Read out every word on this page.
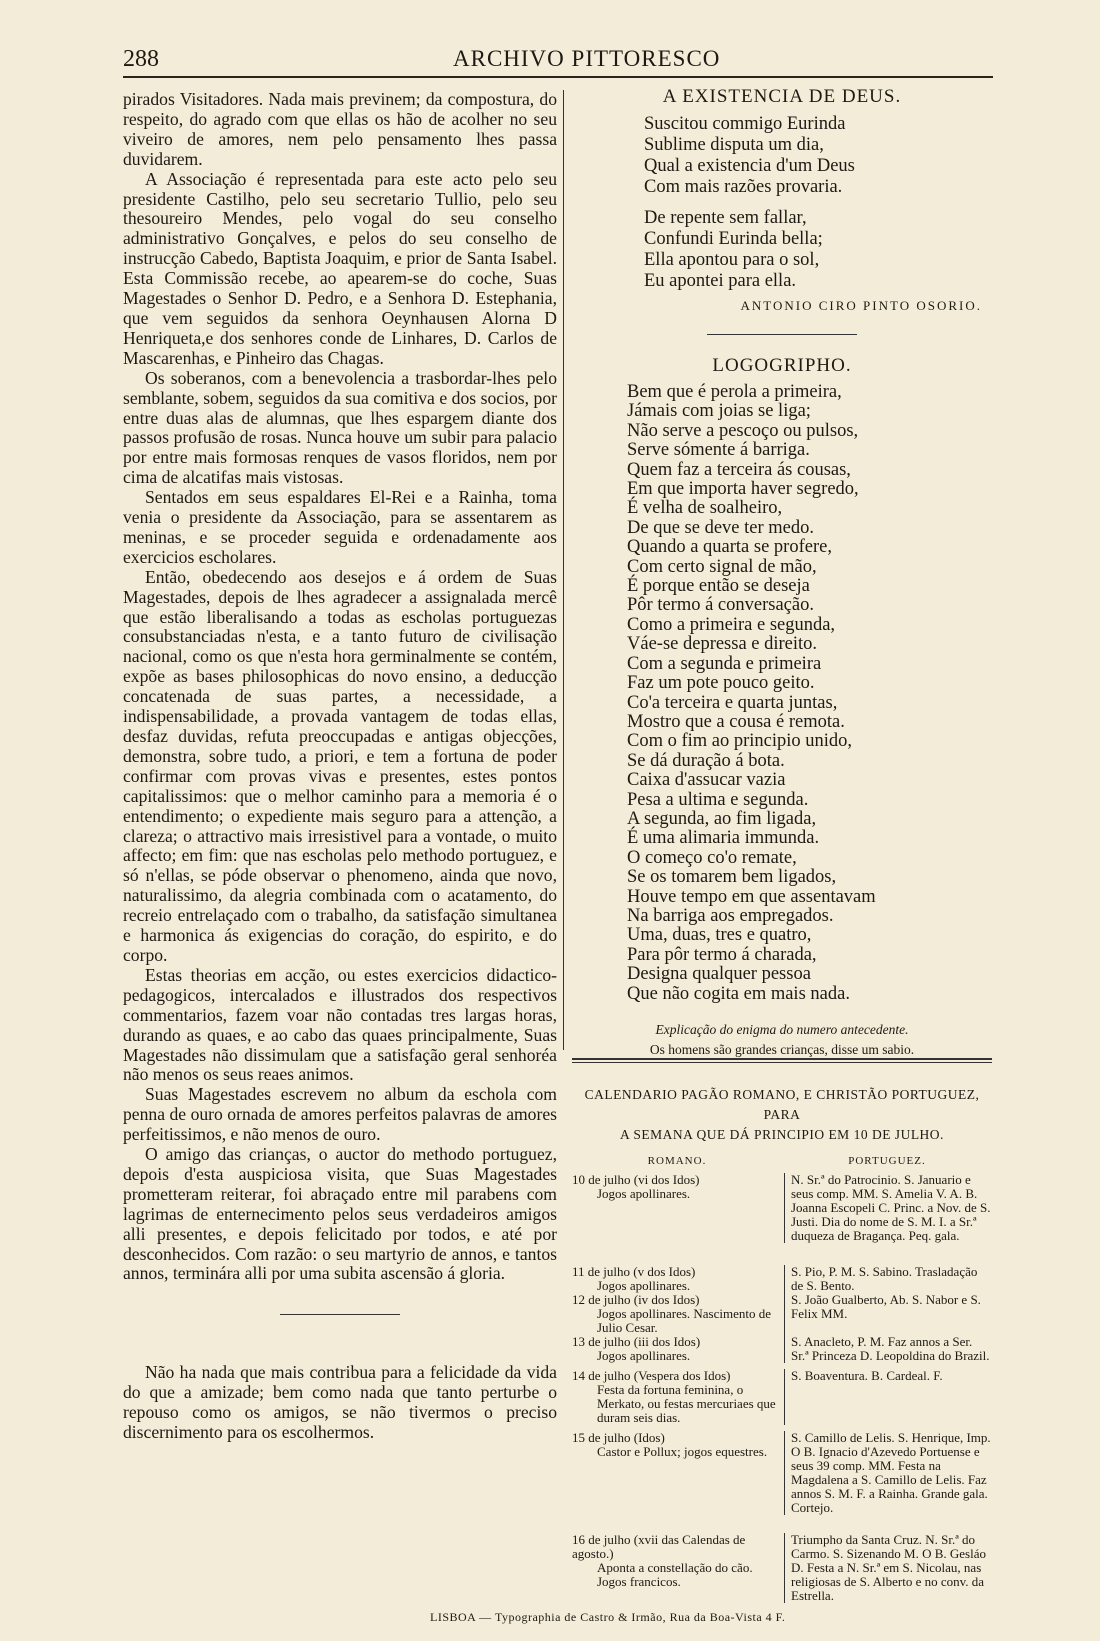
288	ARCHIVO PITTORESCO

pirados Visitadores. Nada mais previnem; da compostura, do respeito, do agrado com que ellas os hão de acolher no seu viveiro de amores, nem pelo pensamento lhes passa duvidarem.

A Associação é representada para este acto pelo seu presidente Castilho, pelo seu secretario Tullio, pelo seu thesoureiro Mendes, pelo vogal do seu conselho administrativo Gonçalves, e pelos do seu conselho de instrucção Cabedo, Baptista Joaquim, e prior de Santa Isabel. Esta Commissão recebe, ao apearem-se do coche, Suas Magestades o Senhor D. Pedro, e a Senhora D. Estephania, que vem seguidos da senhora Oeynhausen Alorna D Henriqueta,e dos senhores conde de Linhares, D. Carlos de Mascarenhas, e Pinheiro das Chagas.

Os soberanos, com a benevolencia a trasbordar-lhes pelo semblante, sobem, seguidos da sua comitiva e dos socios, por entre duas alas de alumnas, que lhes espargem diante dos passos profusão de rosas. Nunca houve um subir para palacio por entre mais formosas renques de vasos floridos, nem por cima de alcatifas mais vistosas.

Sentados em seus espaldares El-Rei e a Rainha, toma venia o presidente da Associação, para se assentarem as meninas, e se proceder seguida e ordenadamente aos exercicios escholares.

Então, obedecendo aos desejos e á ordem de Suas Magestades, depois de lhes agradecer a assignalada mercê que estão liberalisando a todas as escholas portuguezas consubstanciadas n'esta, e a tanto futuro de civilisação nacional, como os que n'esta hora germinalmente se contém, expõe as bases philosophicas do novo ensino, a deducção concatenada de suas partes, a necessidade, a indispensabilidade, a provada vantagem de todas ellas, desfaz duvidas, refuta preoccupadas e antigas objecções, demonstra, sobre tudo, a priori, e tem a fortuna de poder confirmar com provas vivas e presentes, estes pontos capitalissimos: que o melhor caminho para a memoria é o entendimento; o expediente mais seguro para a attenção, a clareza; o attractivo mais irresistivel para a vontade, o muito affecto; em fim: que nas escholas pelo methodo portuguez, e só n'ellas, se póde observar o phenomeno, ainda que novo, naturalissimo, da alegria combinada com o acatamento, do recreio entrelaçado com o trabalho, da satisfação simultanea e harmonica ás exigencias do coração, do espirito, e do corpo.

Estas theorias em acção, ou estes exercicios didactico-pedagogicos, intercalados e illustrados dos respectivos commentarios, fazem voar não contadas tres largas horas, durando as quaes, e ao cabo das quaes principalmente, Suas Magestades não dissimulam que a satisfação geral senhoréa não menos os seus reaes animos.

Suas Magestades escrevem no album da eschola com penna de ouro ornada de amores perfeitos palavras de amores perfeitissimos, e não menos de ouro.

O amigo das crianças, o auctor do methodo portuguez, depois d'esta auspiciosa visita, que Suas Magestades prometteram reiterar, foi abraçado entre mil parabens com lagrimas de enternecimento pelos seus verdadeiros amigos alli presentes, e depois felicitado por todos, e até por desconhecidos. Com razão: o seu martyrio de annos, e tantos annos, terminára alli por uma subita ascensão á gloria.

Não ha nada que mais contribua para a felicidade da vida do que a amizade; bem como nada que tanto perturbe o repouso como os amigos, se não tivermos o preciso discernimento para os escolhermos.

A EXISTENCIA DE DEUS.
Suscitou commigo Eurinda
Sublime disputa um dia,
Qual a existencia d'um Deus
Com mais razões provaria.
De repente sem fallar,
Confundi Eurinda bella;
Ella apontou para o sol,
Eu apontei para ella.
ANTONIO CIRO PINTO OSORIO.
LOGOGRIPHO.
Bem que é perola a primeira,
Jámais com joias se liga;
Não serve a pescoço ou pulsos,
Serve sómente á barriga.
Quem faz a terceira ás cousas,
Em que importa haver segredo,
É velha de soalheiro,
De que se deve ter medo.
Quando a quarta se profere,
Com certo signal de mão,
É porque então se deseja
Pôr termo á conversação.
Como a primeira e segunda,
Váe-se depressa e direito.
Com a segunda e primeira
Faz um pote pouco geito.
Co'a terceira e quarta juntas,
Mostro que a cousa é remota.
Com o fim ao principio unido,
Se dá duração á bota.
Caixa d'assucar vazia
Pesa a ultima e segunda.
A segunda, ao fim ligada,
É uma alimaria immunda.
O começo co'o remate,
Se os tomarem bem ligados,
Houve tempo em que assentavam
Na barriga aos empregados.
Uma, duas, tres e quatro,
Para pôr termo á charada,
Designa qualquer pessoa
Que não cogita em mais nada.
Explicação do enigma do numero antecedente.
Os homens são grandes crianças, disse um sabio.
CALENDARIO PAGÃO ROMANO, E CHRISTÃO PORTUGUEZ, PARA
A SEMANA QUE DÁ PRINCIPIO EM 10 DE JULHO.
ROMANO.	PORTUGUEZ.
10 de julho (vi dos Idos)
Jogos apollinares.
N. Sr.ª do Patrocinio. S. Januario e seus comp. MM. S. Amelia V. A. B. Joanna Escopeli C. Princ. a Nov. de S. Justi. Dia do nome de S. M. I. a Sr.ª duqueza de Bragança. Peq. gala.
11 de julho (v dos Idos)
Jogos apollinares.
S. Pio, P. M. S. Sabino. Trasladação de S. Bento.
12 de julho (iv dos Idos)
Jogos apollinares. Nascimento de Julio Cesar.
S. João Gualberto, Ab. S. Nabor e S. Felix MM.
13 de julho (iii dos Idos)
Jogos apollinares.
S. Anacleto, P. M. Faz annos a Ser. Sr.ª Princeza D. Leopoldina do Brazil.
14 de julho (Vespera dos Idos)
Festa da fortuna feminina, o Merkato, ou festas mercuriaes que duram seis dias.
S. Boaventura. B. Cardeal. F.
15 de julho (Idos)
Castor e Pollux; jogos equestres.
S. Camillo de Lelis. S. Henrique, Imp. O B. Ignacio d'Azevedo Portuense e seus 39 comp. MM. Festa na Magdalena a S. Camillo de Lelis. Faz annos S. M. F. a Rainha. Grande gala. Cortejo.
16 de julho (xvii das Calendas de agosto.)
Aponta a constellação do cão. Jogos francicos.
Triumpho da Santa Cruz. N. Sr.ª do Carmo. S. Sizenando M. O B. Gesláo D. Festa a N. Sr.ª em S. Nicolau, nas religiosas de S. Alberto e no conv. da Estrella.
LISBOA — Typographia de Castro & Irmão, Rua da Boa-Vista 4 F.
